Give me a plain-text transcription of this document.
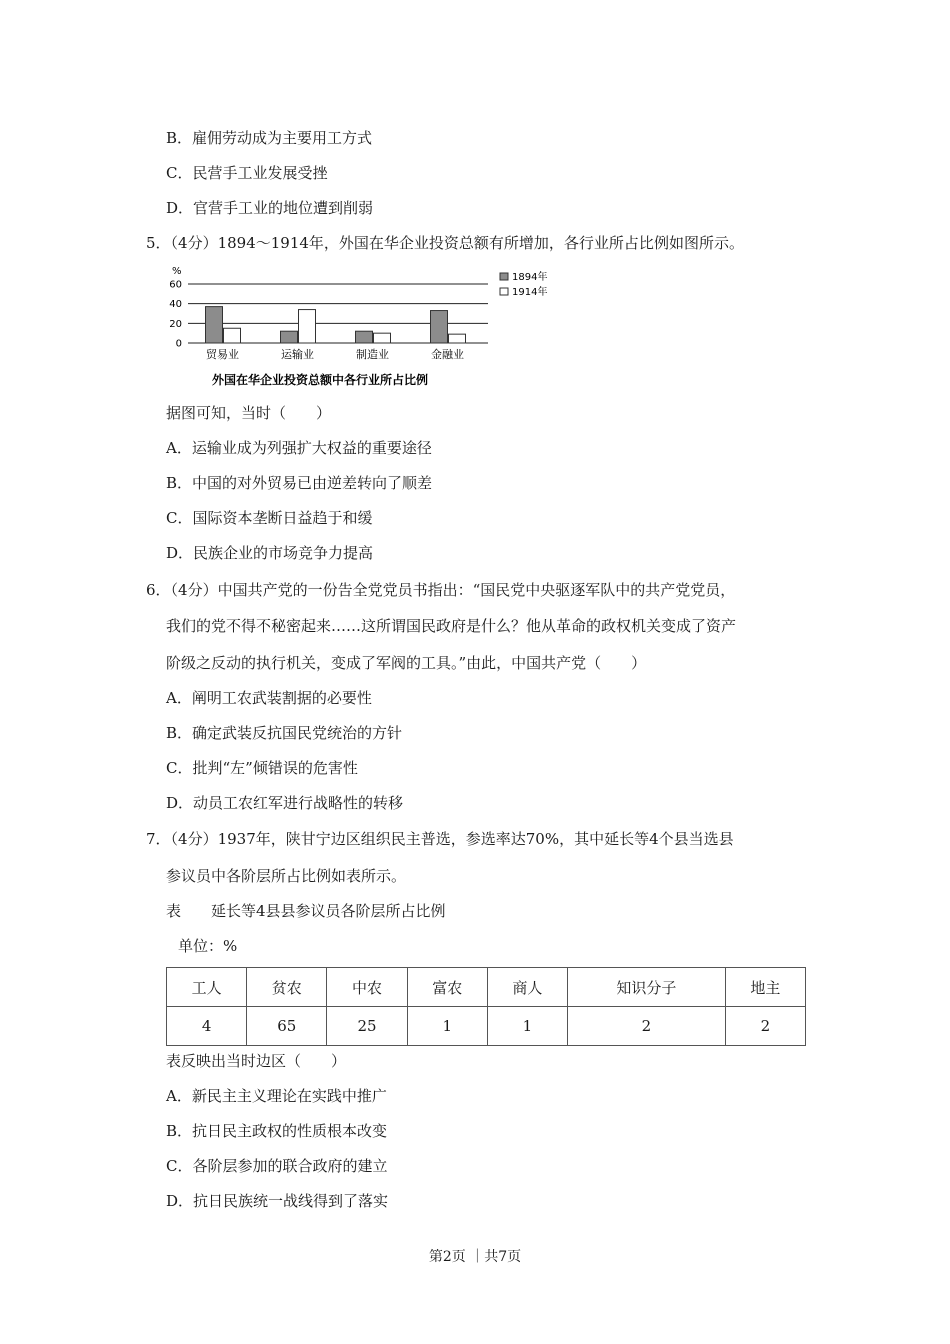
B．雇佣劳动成为主要用工方式
C．民营手工业发展受挫
D．官营手工业的地位遭到削弱
5．（4分）1894～1914年，外国在华企业投资总额有所增加，各行业所占比例如图所示。
0
20
40
60
贸易业	运输业	制造业	金融业
1894年
1914年
%
外国在华企业投资总额中各行业所占比例
据图可知，当时（　　）
A．运输业成为列强扩大权益的重要途径
B．中国的对外贸易已由逆差转向了顺差
C．国际资本垄断日益趋于和缓
D．民族企业的市场竞争力提高
6．（4分）中国共产党的一份告全党党员书指出：“国民党中央驱逐军队中的共产党党员，
我们的党不得不秘密起来……这所谓国民政府是什么？他从革命的政权机关变成了资产
阶级之反动的执行机关，变成了军阀的工具。”由此，中国共产党（　　）
A．阐明工农武装割据的必要性
B．确定武装反抗国民党统治的方针
C．批判“左”倾错误的危害性
D．动员工农红军进行战略性的转移
7．（4分）1937年，陕甘宁边区组织民主普选，参选率达70%，其中延长等4个县当选县
参议员中各阶层所占比例如表所示。
表　　延长等4县县参议员各阶层所占比例
单位：%
工人	贫农	中农	富农	商人	知识分子	地主
4	65	25	1	1	2	2
表反映出当时边区（　　）
A．新民主主义理论在实践中推广
B．抗日民主政权的性质根本改变
C．各阶层参加的联合政府的建立
D．抗日民族统一战线得到了落实
第2页 ｜共7页
